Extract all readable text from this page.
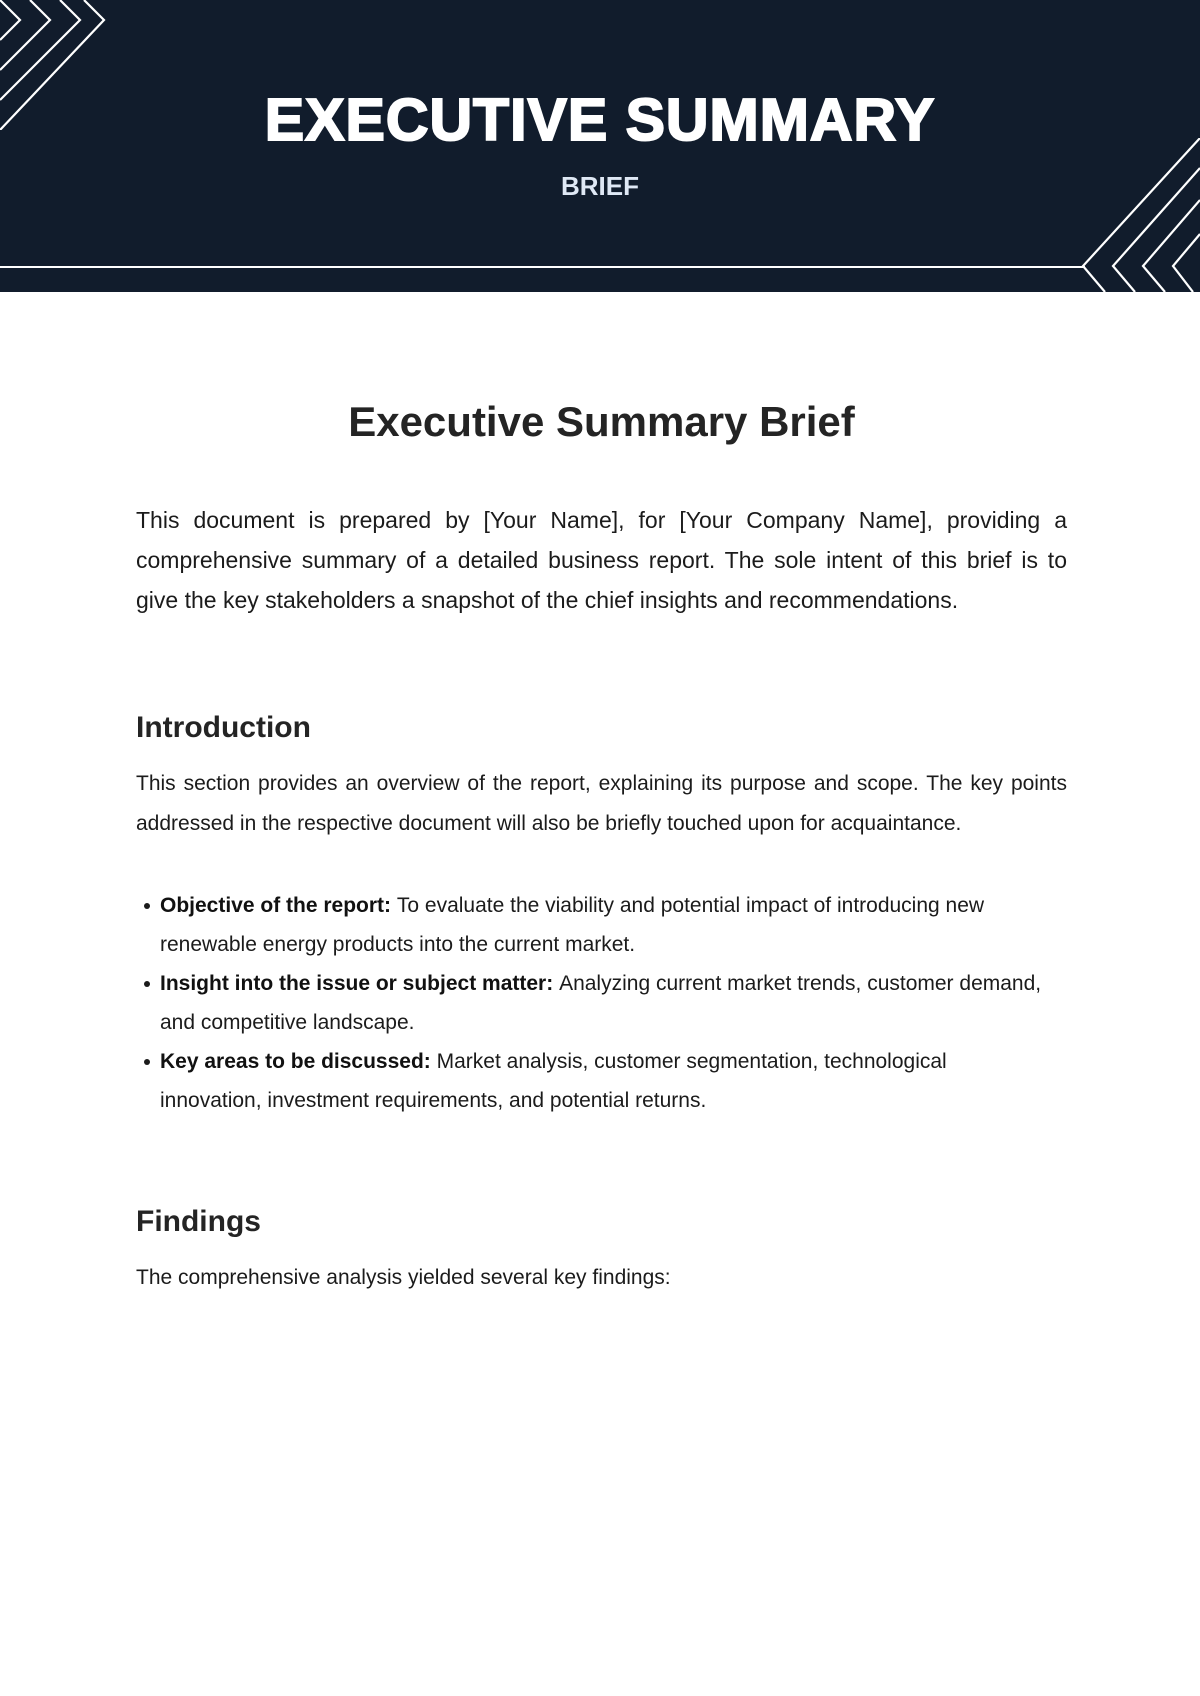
EXECUTIVE SUMMARY
BRIEF
Executive Summary Brief

This document is prepared by [Your Name], for [Your Company Name], providing a comprehensive summary of a detailed business report. The sole intent of this brief is to give the key stakeholders a snapshot of the chief insights and recommendations.

Introduction

This section provides an overview of the report, explaining its purpose and scope. The key points addressed in the respective document will also be briefly touched upon for acquaintance.

Objective of the report: To evaluate the viability and potential impact of introducing new renewable energy products into the current market.
Insight into the issue or subject matter: Analyzing current market trends, customer demand, and competitive landscape.
Key areas to be discussed: Market analysis, customer segmentation, technological innovation, investment requirements, and potential returns.
Findings

The comprehensive analysis yielded several key findings:
